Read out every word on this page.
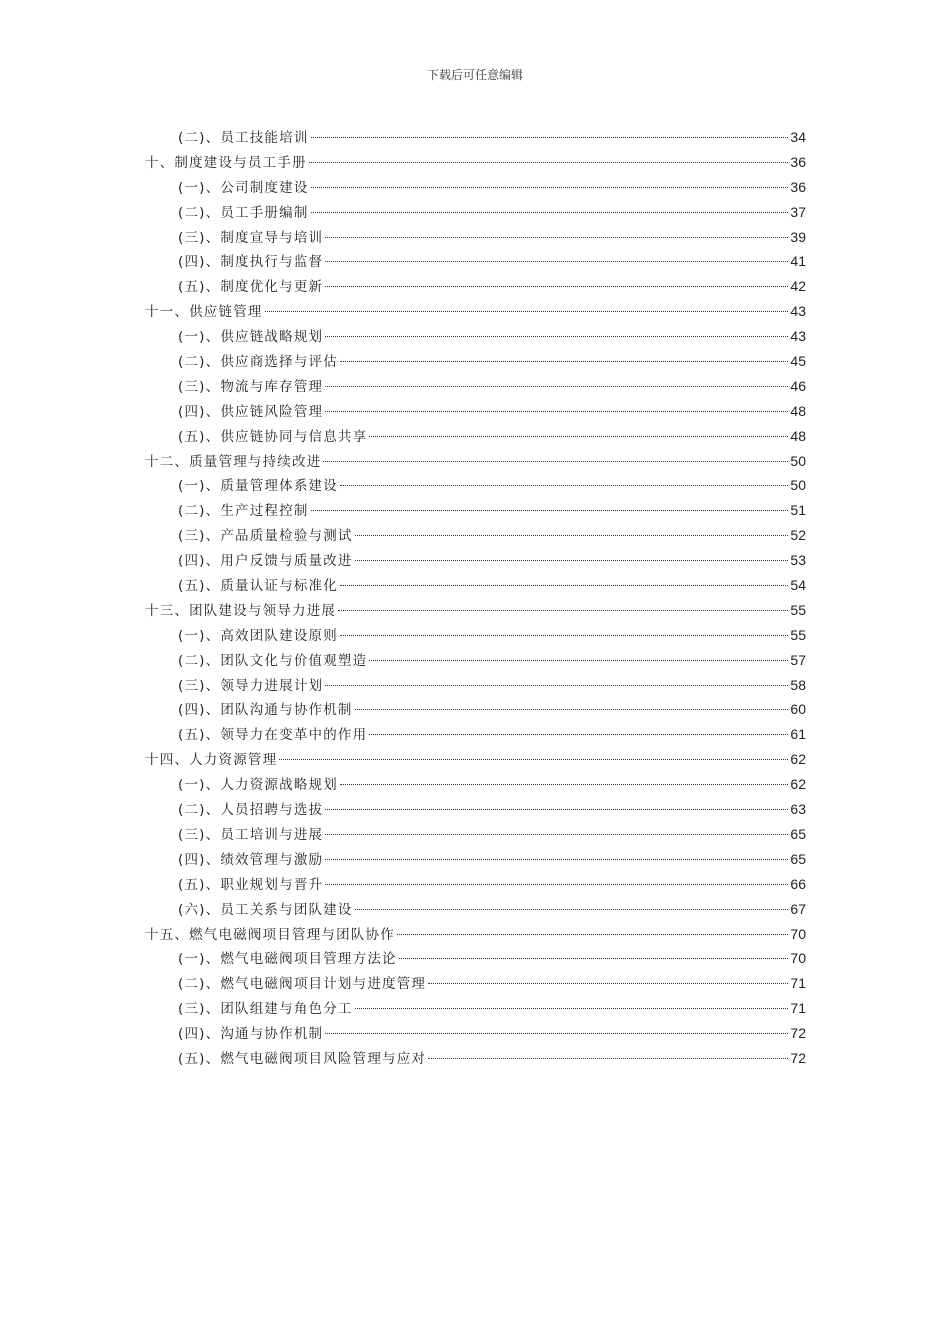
下载后可任意编辑
(二)、员工技能培训	34
十、制度建设与员工手册	36
(一)、公司制度建设	36
(二)、员工手册编制	37
(三)、制度宣导与培训	39
(四)、制度执行与监督	41
(五)、制度优化与更新	42
十一、供应链管理	43
(一)、供应链战略规划	43
(二)、供应商选择与评估	45
(三)、物流与库存管理	46
(四)、供应链风险管理	48
(五)、供应链协同与信息共享	48
十二、质量管理与持续改进	50
(一)、质量管理体系建设	50
(二)、生产过程控制	51
(三)、产品质量检验与测试	52
(四)、用户反馈与质量改进	53
(五)、质量认证与标准化	54
十三、团队建设与领导力进展	55
(一)、高效团队建设原则	55
(二)、团队文化与价值观塑造	57
(三)、领导力进展计划	58
(四)、团队沟通与协作机制	60
(五)、领导力在变革中的作用	61
十四、人力资源管理	62
(一)、人力资源战略规划	62
(二)、人员招聘与选拔	63
(三)、员工培训与进展	65
(四)、绩效管理与激励	65
(五)、职业规划与晋升	66
(六)、员工关系与团队建设	67
十五、燃气电磁阀项目管理与团队协作	70
(一)、燃气电磁阀项目管理方法论	70
(二)、燃气电磁阀项目计划与进度管理	71
(三)、团队组建与角色分工	71
(四)、沟通与协作机制	72
(五)、燃气电磁阀项目风险管理与应对	72
